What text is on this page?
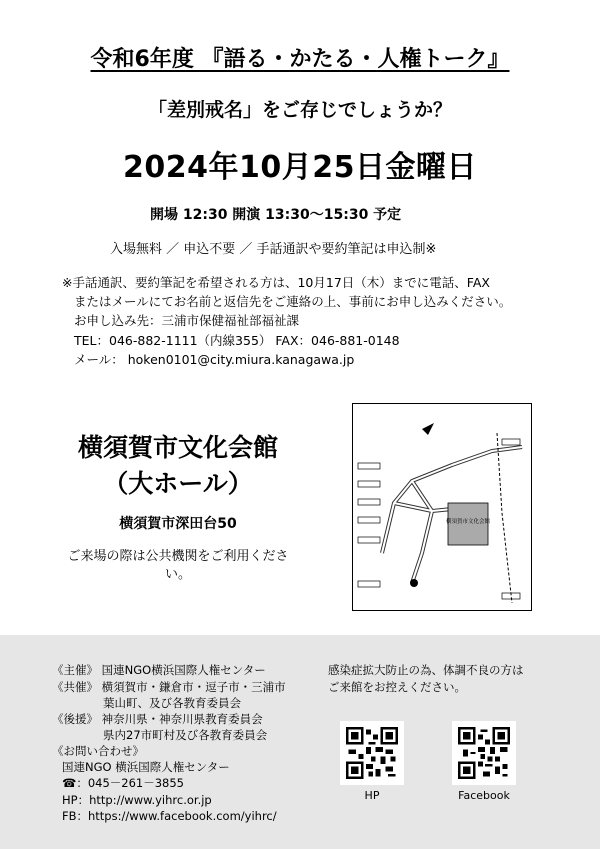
令和6年度 『語る・かたる・人権トーク』
「差別戒名」をご存じでしょうか？
2024年10月25日金曜日
開場 12:30 開演 13:30～15:30 予定
入場無料 ／ 申込不要 ／ 手話通訳や要約筆記は申込制※
※手話通訳、要約筆記を希望される方は、10月17日（木）までに電話、FAX
またはメールにてお名前と返信先をご連絡の上、事前にお申し込みください。
お申し込み先：三浦市保健福祉部福祉課
TEL：046-882-1111（内線355） FAX：046-881-0148
メール： hoken0101@city.miura.kanagawa.jp
横須賀市文化会館（大ホール）
横須賀市深田台50
ご来場の際は公共機関をご利用ください。
横須賀市文化会館
《主催》 国連NGO横浜国際人権センター
《共催》 横須賀市・鎌倉市・逗子市・三浦市
葉山町、及び各教育委員会
《後援》 神奈川県・神奈川県教育委員会
県内27市町村及び各教育委員会
《お問い合わせ》
国連NGO 横浜国際人権センター
☎：045－261－3855
HP：http://www.yihrc.or.jp
FB：https://www.facebook.com/yihrc/
感染症拡大防止の為、体調不良の方は
ご来館をお控えください。
HP	Facebook
